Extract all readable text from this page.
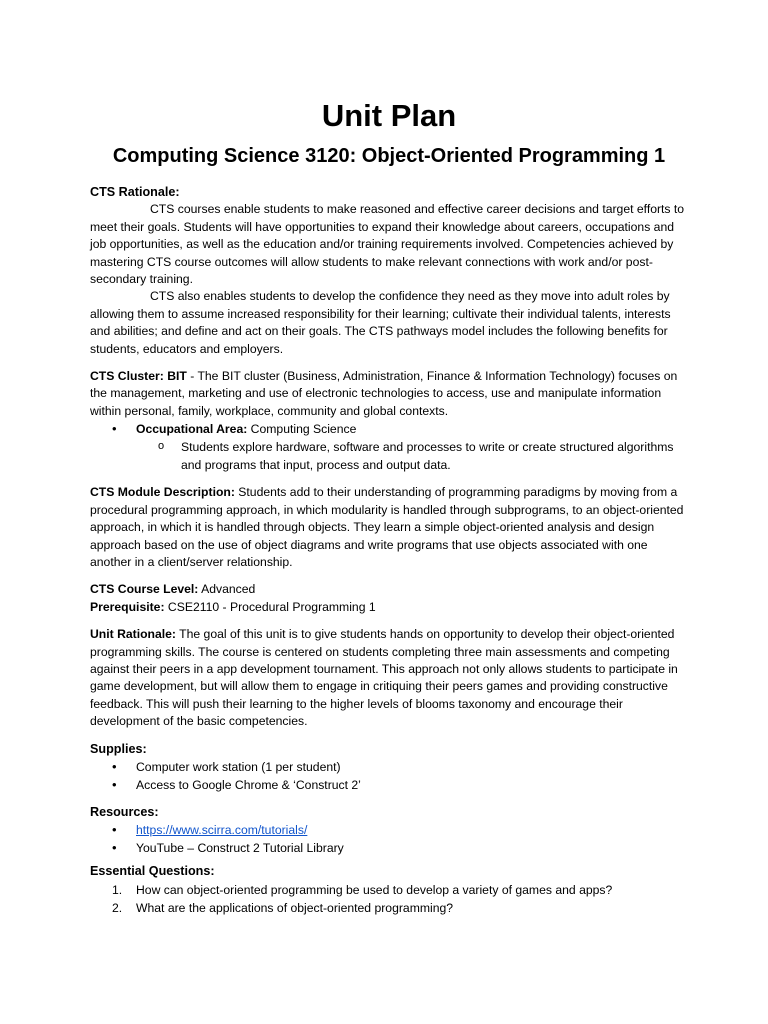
Unit Plan
Computing Science 3120: Object-Oriented Programming 1
CTS Rationale:

CTS courses enable students to make reasoned and effective career decisions and target efforts to meet their goals. Students will have opportunities to expand their knowledge about careers, occupations and job opportunities, as well as the education and/or training requirements involved. Competencies achieved by mastering CTS course outcomes will allow students to make relevant connections with work and/or post-secondary training.

CTS also enables students to develop the confidence they need as they move into adult roles by allowing them to assume increased responsibility for their learning; cultivate their individual talents, interests and abilities; and define and act on their goals. The CTS pathways model includes the following benefits for students, educators and employers.

CTS Cluster: BIT - The BIT cluster (Business, Administration, Finance & Information Technology) focuses on the management, marketing and use of electronic technologies to access, use and manipulate information within personal, family, workplace, community and global contexts.

• Occupational Area: Computing Science
o Students explore hardware, software and processes to write or create structured algorithms and programs that input, process and output data.

CTS Module Description: Students add to their understanding of programming paradigms by moving from a procedural programming approach, in which modularity is handled through subprograms, to an object-oriented approach, in which it is handled through objects. They learn a simple object-oriented analysis and design approach based on the use of object diagrams and write programs that use objects associated with one another in a client/server relationship.

CTS Course Level: Advanced

Prerequisite: CSE2110 - Procedural Programming 1

Unit Rationale: The goal of this unit is to give students hands on opportunity to develop their object-oriented programming skills. The course is centered on students completing three main assessments and competing against their peers in a app development tournament. This approach not only allows students to participate in game development, but will allow them to engage in critiquing their peers games and providing constructive feedback. This will push their learning to the higher levels of blooms taxonomy and encourage their development of the basic competencies.

Supplies:
• Computer work station (1 per student)
• Access to Google Chrome & ‘Construct 2’
Resources:
• https://www.scirra.com/tutorials/
• YouTube – Construct 2 Tutorial Library
Essential Questions:
1. How can object-oriented programming be used to develop a variety of games and apps?
2. What are the applications of object-oriented programming?
